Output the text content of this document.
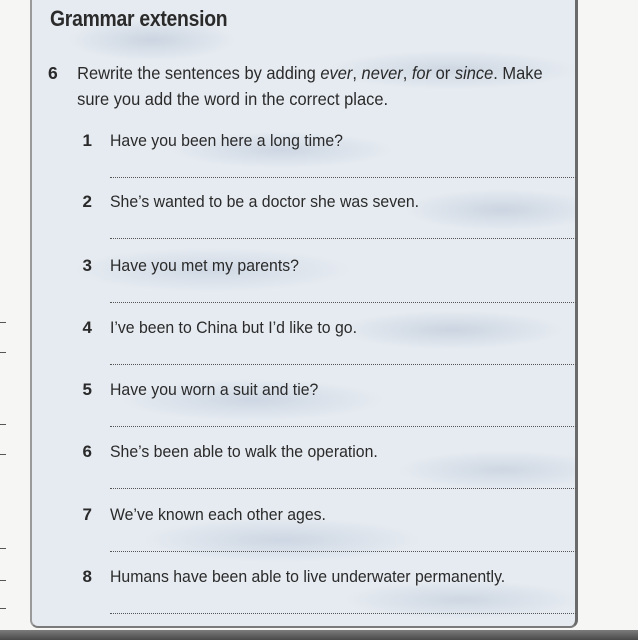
Grammar extension
6	Rewrite the sentences by adding ever, never, for or since. Make sure you add the word in the correct place.
1 Have you been here a long time?
2 She’s wanted to be a doctor she was seven.
3 Have you met my parents?
4 I’ve been to China but I’d like to go.
5 Have you worn a suit and tie?
6 She’s been able to walk the operation.
7 We’ve known each other ages.
8 Humans have been able to live underwater permanently.
